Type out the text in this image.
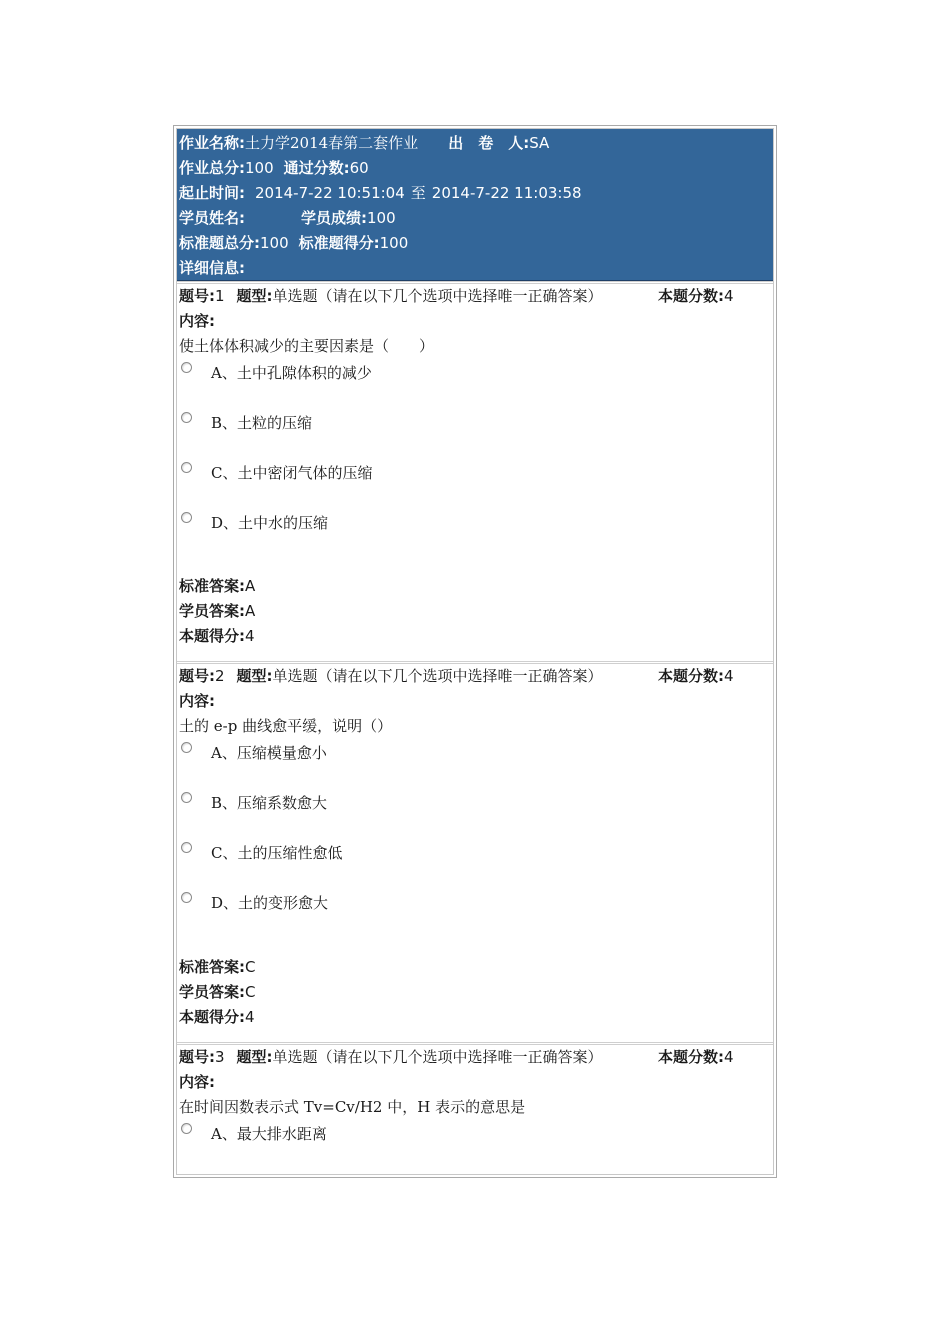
作业名称:土力学2014春第二套作业 出　卷　人:SA
作业总分:100 通过分数:60
起止时间: 2014-7-22 10:51:04 至 2014-7-22 11:03:58
学员姓名:	学员成绩:100
标准题总分:100 标准题得分:100
详细信息:
题号:1 题型:单选题（请在以下几个选项中选择唯一正确答案）	本题分数:4
内容:
使土体体积减少的主要因素是（　　）
A、土中孔隙体积的减少
B、土粒的压缩
C、土中密闭气体的压缩
D、土中水的压缩
标准答案:A
学员答案:A
本题得分:4
题号:2 题型:单选题（请在以下几个选项中选择唯一正确答案）	本题分数:4
内容:
土的 e-p 曲线愈平缓，说明（）
A、压缩模量愈小
B、压缩系数愈大
C、土的压缩性愈低
D、土的变形愈大
标准答案:C
学员答案:C
本题得分:4
题号:3 题型:单选题（请在以下几个选项中选择唯一正确答案）	本题分数:4
内容:
在时间因数表示式 Tv=Cv/H2 中，H 表示的意思是
A、最大排水距离
